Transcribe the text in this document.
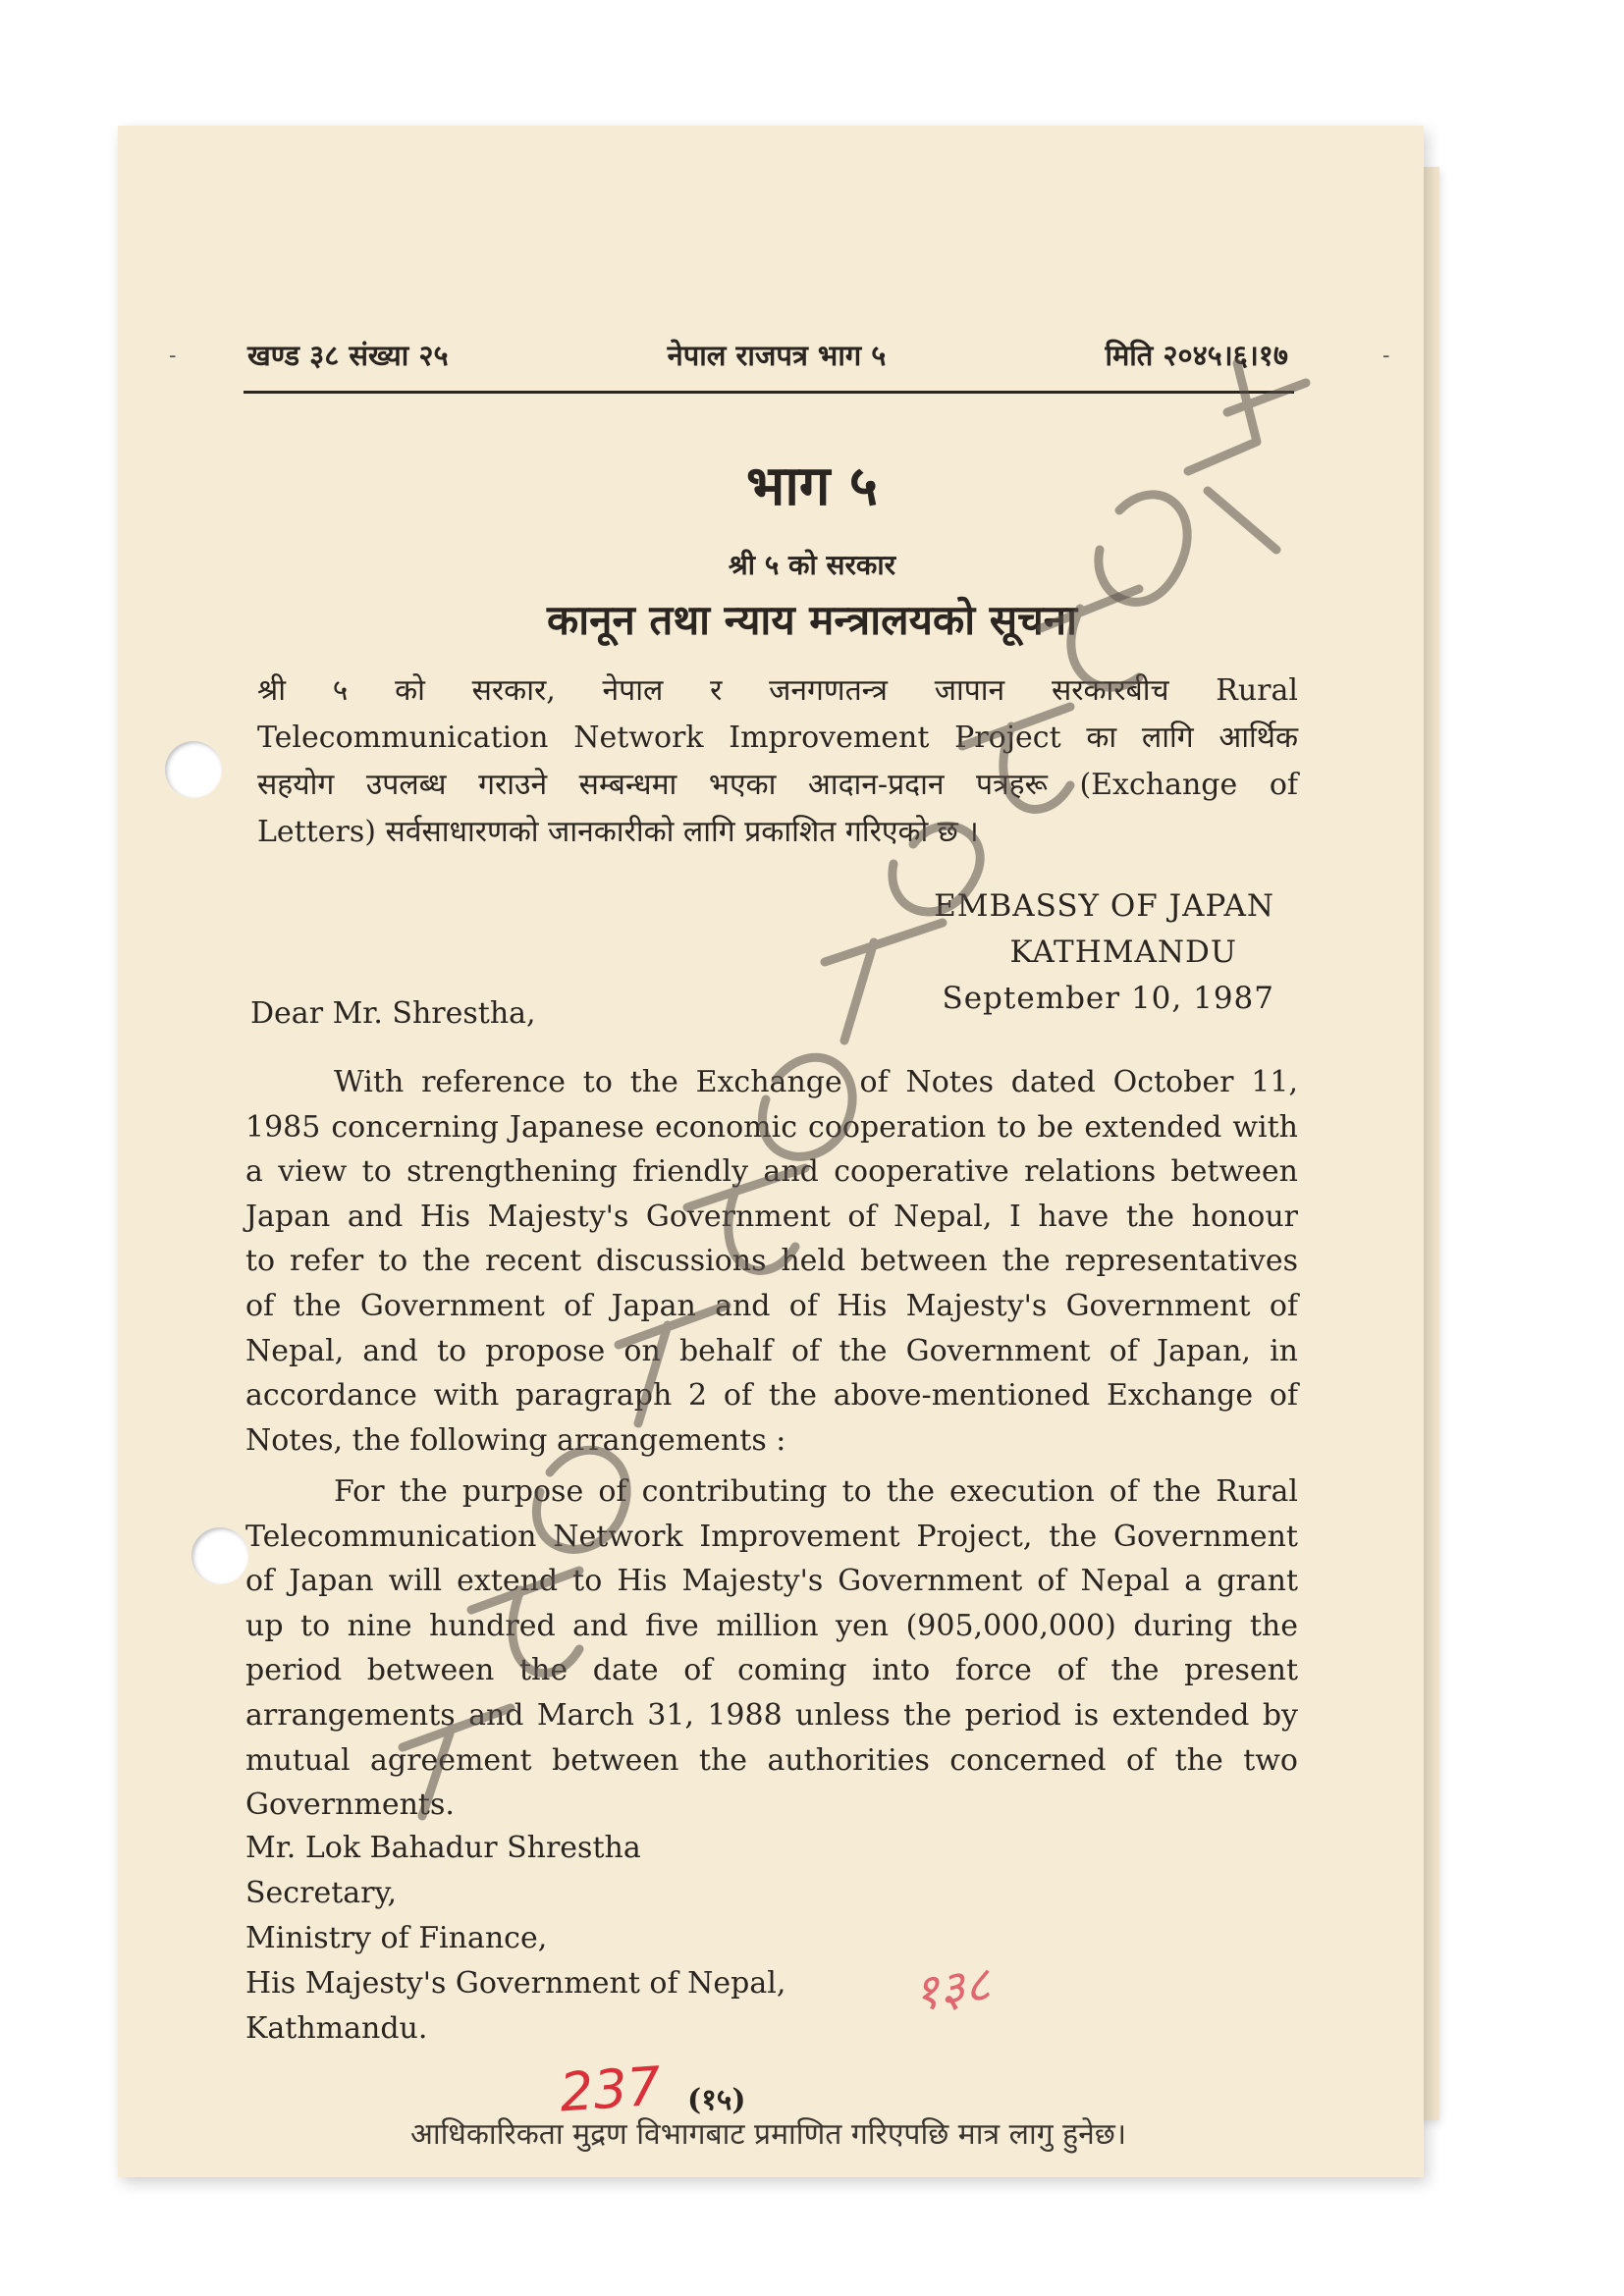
-	-
खण्ड ३८ संख्या २५	नेपाल राजपत्र भाग ५	मिति २०४५।६।१७
भाग ५
श्री ५ को सरकार
कानून तथा न्याय मन्त्रालयको सूचना
श्री ५ को सरकार, नेपाल र जनगणतन्त्र जापान सरकारबीच Rural
Telecommunication Network Improvement Project का लागि आर्थिक
सहयोग उपलब्ध गराउने सम्बन्धमा भएका आदान-प्रदान पत्रहरू (Exchange of
Letters) सर्वसाधारणको जानकारीको लागि प्रकाशित गरिएको छ ।
EMBASSY OF JAPAN
KATHMANDU
September 10, 1987
Dear Mr. Shrestha,
With reference to the Exchange of Notes dated October 11,
1985 concerning Japanese economic cooperation to be extended with
a view to strengthening friendly and cooperative relations between
Japan and His Majesty's Government of Nepal, I have the honour
to refer to the recent discussions held between the representatives
of the Government of Japan and of His Majesty's Government of
Nepal, and to propose on behalf of the Government of Japan, in
accordance with paragraph 2 of the above-mentioned Exchange of
Notes, the following arrangements :
For the purpose of contributing to the execution of the Rural
Telecommunication Network Improvement Project, the Government
of Japan will extend to His Majesty's Government of Nepal a grant
up to nine hundred and five million yen (905,000,000) during the
period between the date of coming into force of the present
arrangements and March 31, 1988 unless the period is extended by
mutual agreement between the authorities concerned of the two
Governments.
Mr. Lok Bahadur Shrestha
Secretary,
Ministry of Finance,
His Majesty's Government of Nepal,
Kathmandu.
१३८
(१५)
237
आधिकारिकता मुद्रण विभागबाट प्रमाणित गरिएपछि मात्र लागु हुनेछ।
